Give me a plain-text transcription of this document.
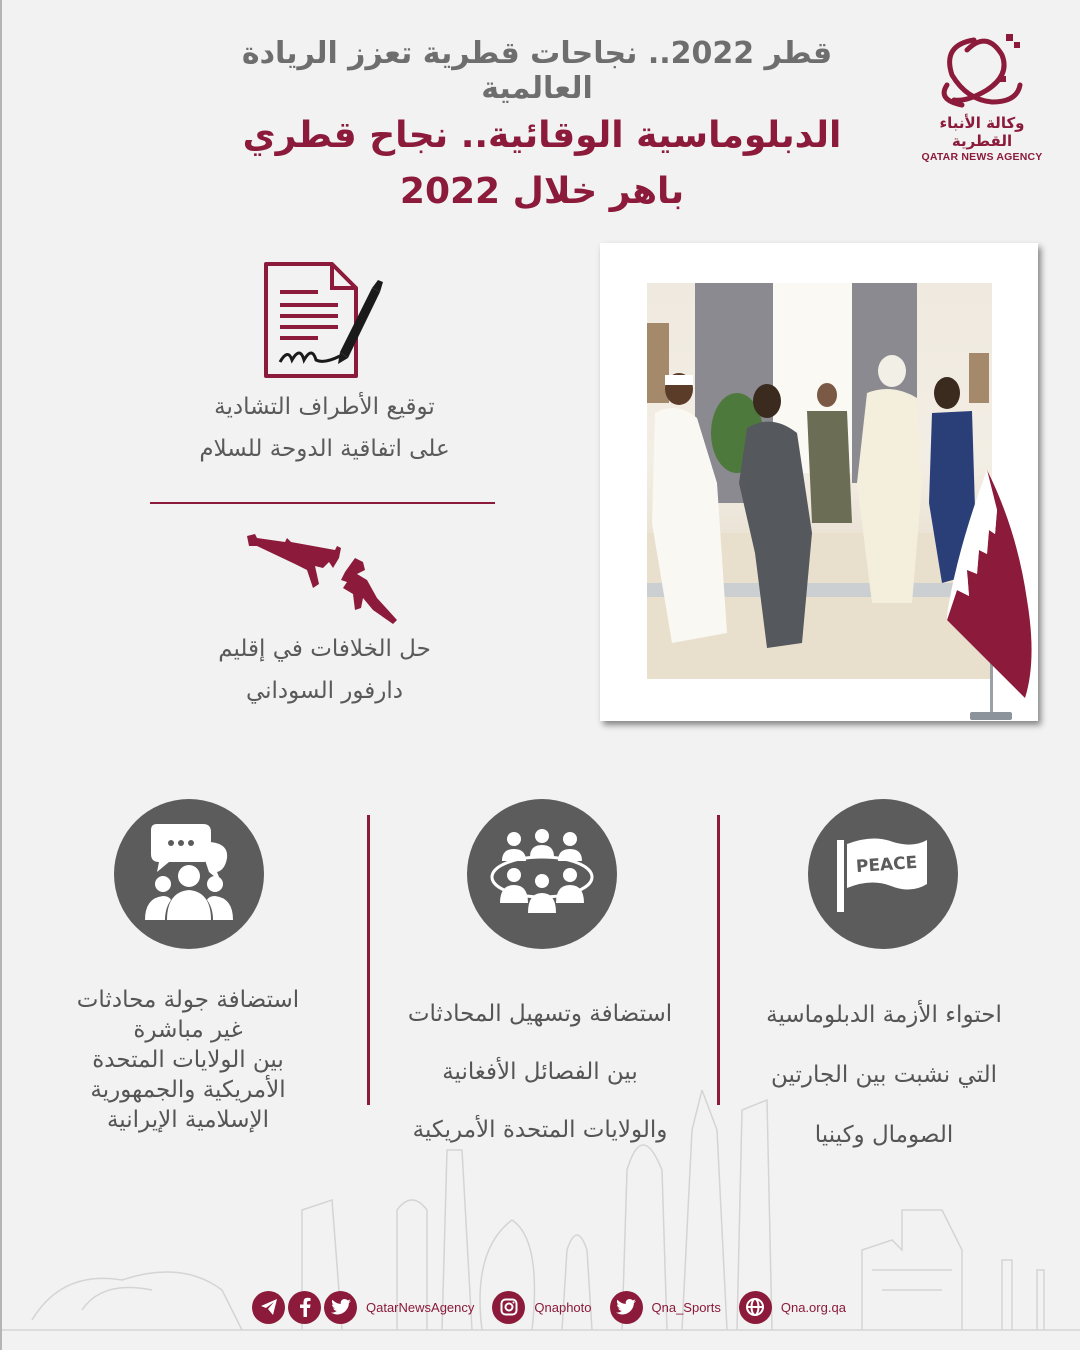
وكالة الأنباء القطرية
QATAR NEWS AGENCY
قطر 2022.. نجاحات قطرية تعزز الريادة العالمية
الدبلوماسية الوقائية.. نجاح قطري
باهر خلال 2022
توقيع الأطراف التشادية
على اتفاقية الدوحة للسلام
حل الخلافات في إقليم
دارفور السوداني
PEACE
احتواء الأزمة الدبلوماسية
التي نشبت بين الجارتين
الصومال وكينيا
استضافة وتسهيل المحادثات
بين الفصائل الأفغانية
والولايات المتحدة الأمريكية
استضافة جولة محادثات
غير مباشرة
بين الولايات المتحدة
الأمريكية والجمهورية
الإسلامية الإيرانية
QatarNewsAgency	Qnaphoto	Qna_Sports	Qna.org.qa
